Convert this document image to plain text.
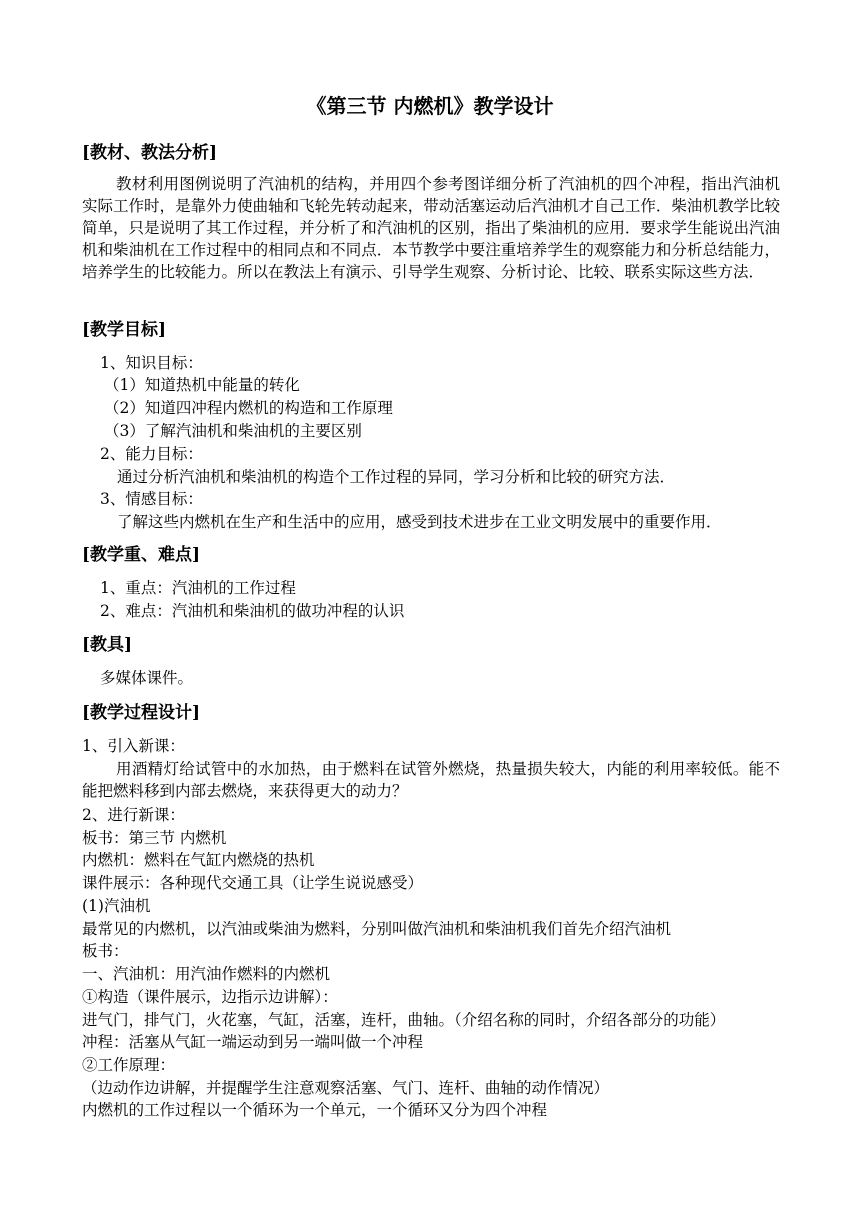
《第三节 内燃机》教学设计
[教材、教法分析]

教材利用图例说明了汽油机的结构，并用四个参考图详细分析了汽油机的四个冲程，指出汽油机实际工作时，是靠外力使曲轴和飞轮先转动起来，带动活塞运动后汽油机才自己工作．柴油机教学比较简单，只是说明了其工作过程，并分析了和汽油机的区别，指出了柴油机的应用．要求学生能说出汽油机和柴油机在工作过程中的相同点和不同点．本节教学中要注重培养学生的观察能力和分析总结能力，培养学生的比较能力。所以在教法上有演示、引导学生观察、分析讨论、比较、联系实际这些方法．

[教学目标]
1、知识目标：
（1）知道热机中能量的转化
（2）知道四冲程内燃机的构造和工作原理
（3）了解汽油机和柴油机的主要区别
2、能力目标：
通过分析汽油机和柴油机的构造个工作过程的异同，学习分析和比较的研究方法．
3、情感目标：
了解这些内燃机在生产和生活中的应用，感受到技术进步在工业文明发展中的重要作用．
[教学重、难点]
1、重点：汽油机的工作过程
2、难点：汽油机和柴油机的做功冲程的认识
[教具]
多媒体课件。
[教学过程设计]
1、引入新课：

用酒精灯给试管中的水加热，由于燃料在试管外燃烧，热量损失较大，内能的利用率较低。能不能把燃料移到内部去燃烧，来获得更大的动力？

2、进行新课：
板书：第三节 内燃机
内燃机：燃料在气缸内燃烧的热机
课件展示：各种现代交通工具（让学生说说感受）
(1)汽油机
最常见的内燃机，以汽油或柴油为燃料，分别叫做汽油机和柴油机我们首先介绍汽油机
板书：
一、汽油机：用汽油作燃料的内燃机
①构造（课件展示，边指示边讲解）：
进气门，排气门，火花塞，气缸，活塞，连杆，曲轴。（介绍名称的同时，介绍各部分的功能）
冲程：活塞从气缸一端运动到另一端叫做一个冲程
②工作原理：
（边动作边讲解，并提醒学生注意观察活塞、气门、连杆、曲轴的动作情况）
内燃机的工作过程以一个循环为一个单元，一个循环又分为四个冲程
